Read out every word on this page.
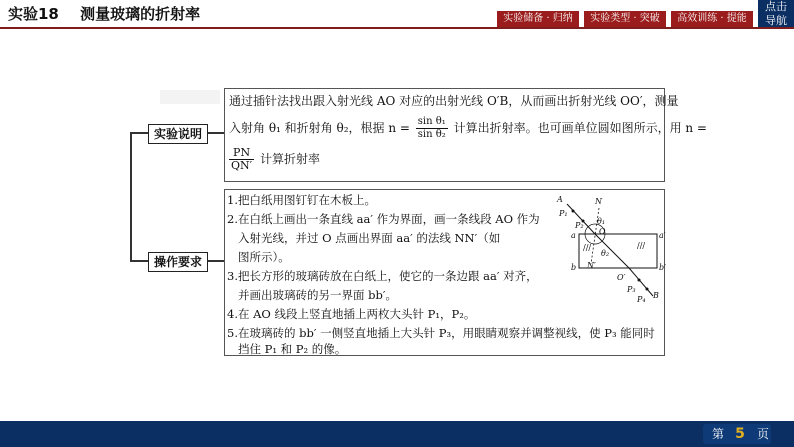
实验18 测量玻璃的折射率	实验储备 · 归纳	实验类型 · 突破	高效训练 · 提能
点击
导航
实验说明
操作要求
通过插针法找出跟入射光线 AO 对应的出射光线 O′B，从而画出折射光线 OO′，测量
入射角 θ₁ 和折射角 θ₂，根据 $n = \frac{\text{sin θ₁}}{\text{sin θ₂}}$ 计算出折射率。也可画单位圆如图所示，用 n =
$\frac{PN}{QN'}$ 计算折射率
1.把白纸用图钉钉在木板上。
2.在白纸上画出一条直线 aa′ 作为界面，画一条线段 AO 作为
入射光线，并过 O 点画出界面 aa′ 的法线 NN′（如
图所示）。
3.把长方形的玻璃砖放在白纸上，使它的一条边跟 aa′ 对齐，
并画出玻璃砖的另一界面 bb′。
4.在 AO 线段上竖直地插上两枚大头针 P₁，P₂。
5.在玻璃砖的 bb′ 一侧竖直地插上大头针 P₃，用眼睛观察并调整视线，使 P₃ 能同时
挡住 P₁ 和 P₂ 的像。
A	N
P₁
P₂ θ₁
O
a	a′
b	b′
N′
θ₂
O′
P₃
P₄ B
///	///
第 5	页
